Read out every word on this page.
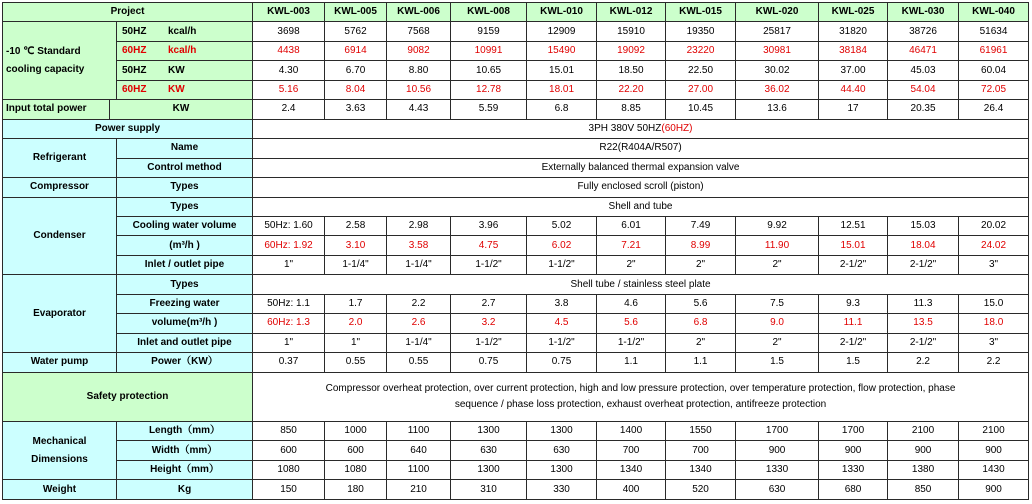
Project			KWL-003	KWL-005	KWL-006	KWL-008	KWL-010	KWL-012	KWL-015	KWL-020	KWL-025	KWL-030	KWL-040

-10 ℃ Standard
cooling capacity		50HZ kcal/h	3698	5762	7568	9159	12909	15910	19350	25817	31820	38726	51634
		60HZ kcal/h	4438	6914	9082	10991	15490	19092	23220	30981	38184	46471	61961
		50HZ KW	4.30	6.70	8.80	10.65	15.01	18.50	22.50	30.02	37.00	45.03	60.04
		60HZ KW	5.16	8.04	10.56	12.78	18.01	22.20	27.00	36.02	44.40	54.04	72.05
Input total power	KW		2.4	3.63	4.43	5.59	6.8	8.85	10.45	13.6	17	20.35	26.4
Power supply			3PH 380V 50HZ(60HZ)										
Refrigerant		Name	R22(R404A/R507)										
		Control method	Externally balanced thermal expansion valve										
Compressor		Types	Fully enclosed scroll (piston)										
Condenser		Types	Shell and tube										
		Cooling water volume	50Hz: 1.60	2.58	2.98	3.96	5.02	6.01	7.49	9.92	12.51	15.03	20.02
		(m³/h )	60Hz: 1.92	3.10	3.58	4.75	6.02	7.21	8.99	11.90	15.01	18.04	24.02
		Inlet / outlet pipe	1"	1-1/4"	1-1/4"	1-1/2"	1-1/2"	2"	2"	2"	2-1/2"	2-1/2"	3"
Evaporator		Types	Shell tube / stainless steel plate										
		Freezing water	50Hz: 1.1	1.7	2.2	2.7	3.8	4.6	5.6	7.5	9.3	11.3	15.0
		volume(m³/h )	60Hz: 1.3	2.0	2.6	3.2	4.5	5.6	6.8	9.0	11.1	13.5	18.0
		Inlet and outlet pipe	1"	1"	1-1/4"	1-1/2"	1-1/2"	1-1/2"	2"	2"	2-1/2"	2-1/2"	3"
Water pump		Power（KW）	0.37	0.55	0.55	0.75	0.75	1.1	1.1	1.5	1.5	2.2	2.2
Safety protection			Compressor overheat protection, over current protection, high and low pressure protection, over temperature protection, flow protection, phase
sequence / phase loss protection, exhaust overheat protection, antifreeze protection										

Mechanical
Dimensions		Length（mm）	850	1000	1100	1300	1300	1400	1550	1700	1700	2100	2100
		Width（mm）	600	600	640	630	630	700	700	900	900	900	900
		Height（mm）	1080	1080	1100	1300	1300	1340	1340	1330	1330	1380	1430
Weight		Kg	150	180	210	310	330	400	520	630	680	850	900
